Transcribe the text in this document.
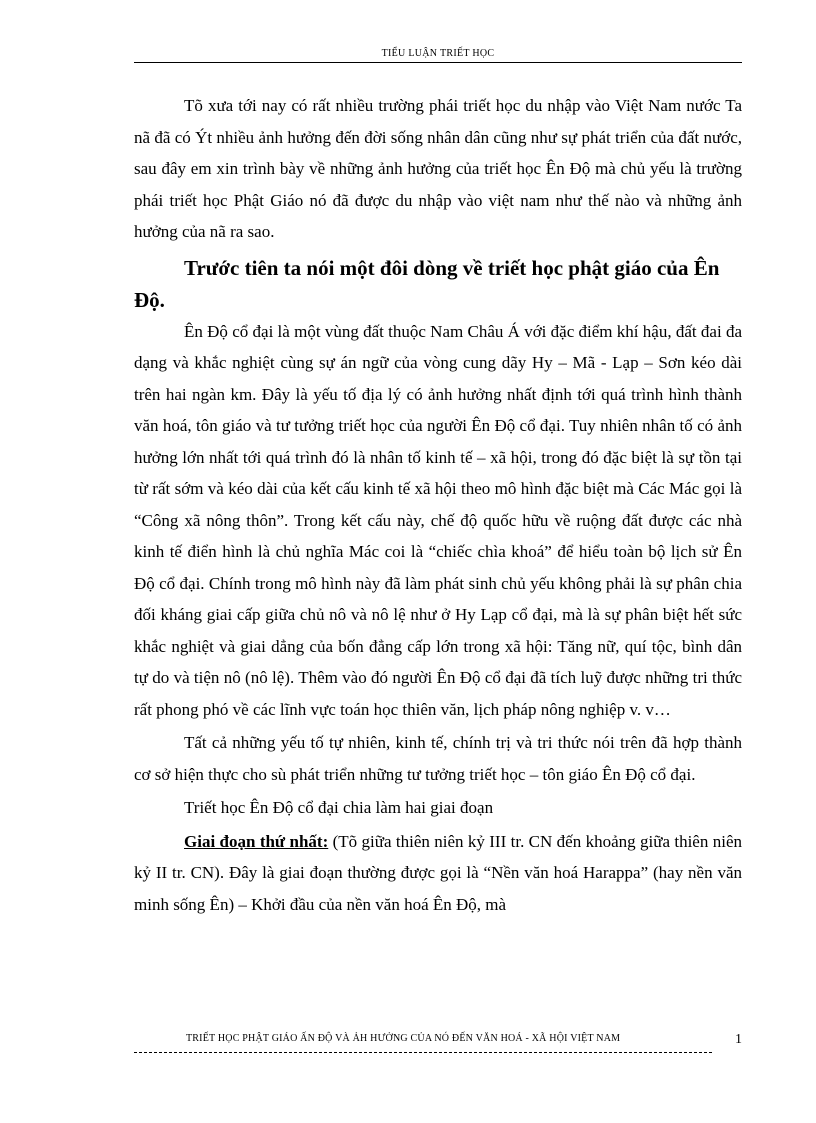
TIỂU LUẬN TRIẾT HỌC

Tõ xưa tới nay có rất nhiều trường phái triết học du nhập vào Việt Nam nước Ta nã đã có Ýt nhiều ảnh hưởng đến đời sống nhân dân cũng như sự phát triển của đất nước, sau đây em xin trình bày về những ảnh hưởng của triết học Ên Độ mà chủ yếu là trường phái triết học Phật Giáo nó đã được du nhập vào việt nam như thế nào và những ảnh hưởng của nã ra sao.

Trước tiên ta nói một đôi dòng về triết học phật giáo của Ên Độ.

Ên Độ cổ đại là một vùng đất thuộc Nam Châu Á với đặc điểm khí hậu, đất đai đa dạng và khắc nghiệt cùng sự án ngữ của vòng cung dãy Hy – Mã - Lạp – Sơn kéo dài trên hai ngàn km. Đây là yếu tố địa lý có ảnh hưởng nhất định tới quá trình hình thành văn hoá, tôn giáo và tư tưởng triết học của người Ên Độ cổ đại. Tuy nhiên nhân tố có ảnh hưởng lớn nhất tới quá trình đó là nhân tố kinh tế – xã hội, trong đó đặc biệt là sự tồn tại từ rất sớm và kéo dài của kết cấu kinh tế xã hội theo mô hình đặc biệt mà Các Mác gọi là “Công xã nông thôn”. Trong kết cấu này, chế độ quốc hữu về ruộng đất được các nhà kinh tế điển hình là chủ nghĩa Mác coi là “chiếc chìa khoá” để hiểu toàn bộ lịch sử Ên Độ cổ đại. Chính trong mô hình này đã làm phát sinh chủ yếu không phải là sự phân chia đối kháng giai cấp giữa chủ nô và nô lệ như ở Hy Lạp cổ đại, mà là sự phân biệt hết sức khắc nghiệt và giai dẳng của bốn đẳng cấp lớn trong xã hội: Tăng nữ, quí tộc, bình dân tự do và tiện nô (nô lệ). Thêm vào đó người Ên Độ cổ đại đã tích luỹ được những tri thức rất phong phó về các lĩnh vực toán học thiên văn, lịch pháp nông nghiệp v. v…

Tất cả những yếu tố tự nhiên, kinh tế, chính trị và tri thức nói trên đã hợp thành cơ sở hiện thực cho sù phát triển những tư tưởng triết học – tôn giáo Ên Độ cổ đại.

Triết học Ên Độ cổ đại chia làm hai giai đoạn

Giai đoạn thứ nhất: (Tõ giữa thiên niên kỷ III tr. CN đến khoảng giữa thiên niên kỷ II tr. CN). Đây là giai đoạn thường được gọi là “Nền văn hoá Harappa” (hay nền văn minh sống Ên) – Khởi đầu của nền văn hoá Ên Độ, mà

TRIẾT HỌC PHẬT GIÁO ẤN ĐỘ VÀ ẢH HƯỞNG CỦA NÓ ĐẾN VĂN HOÁ - XÃ HỘI VIỆT NAM	1
